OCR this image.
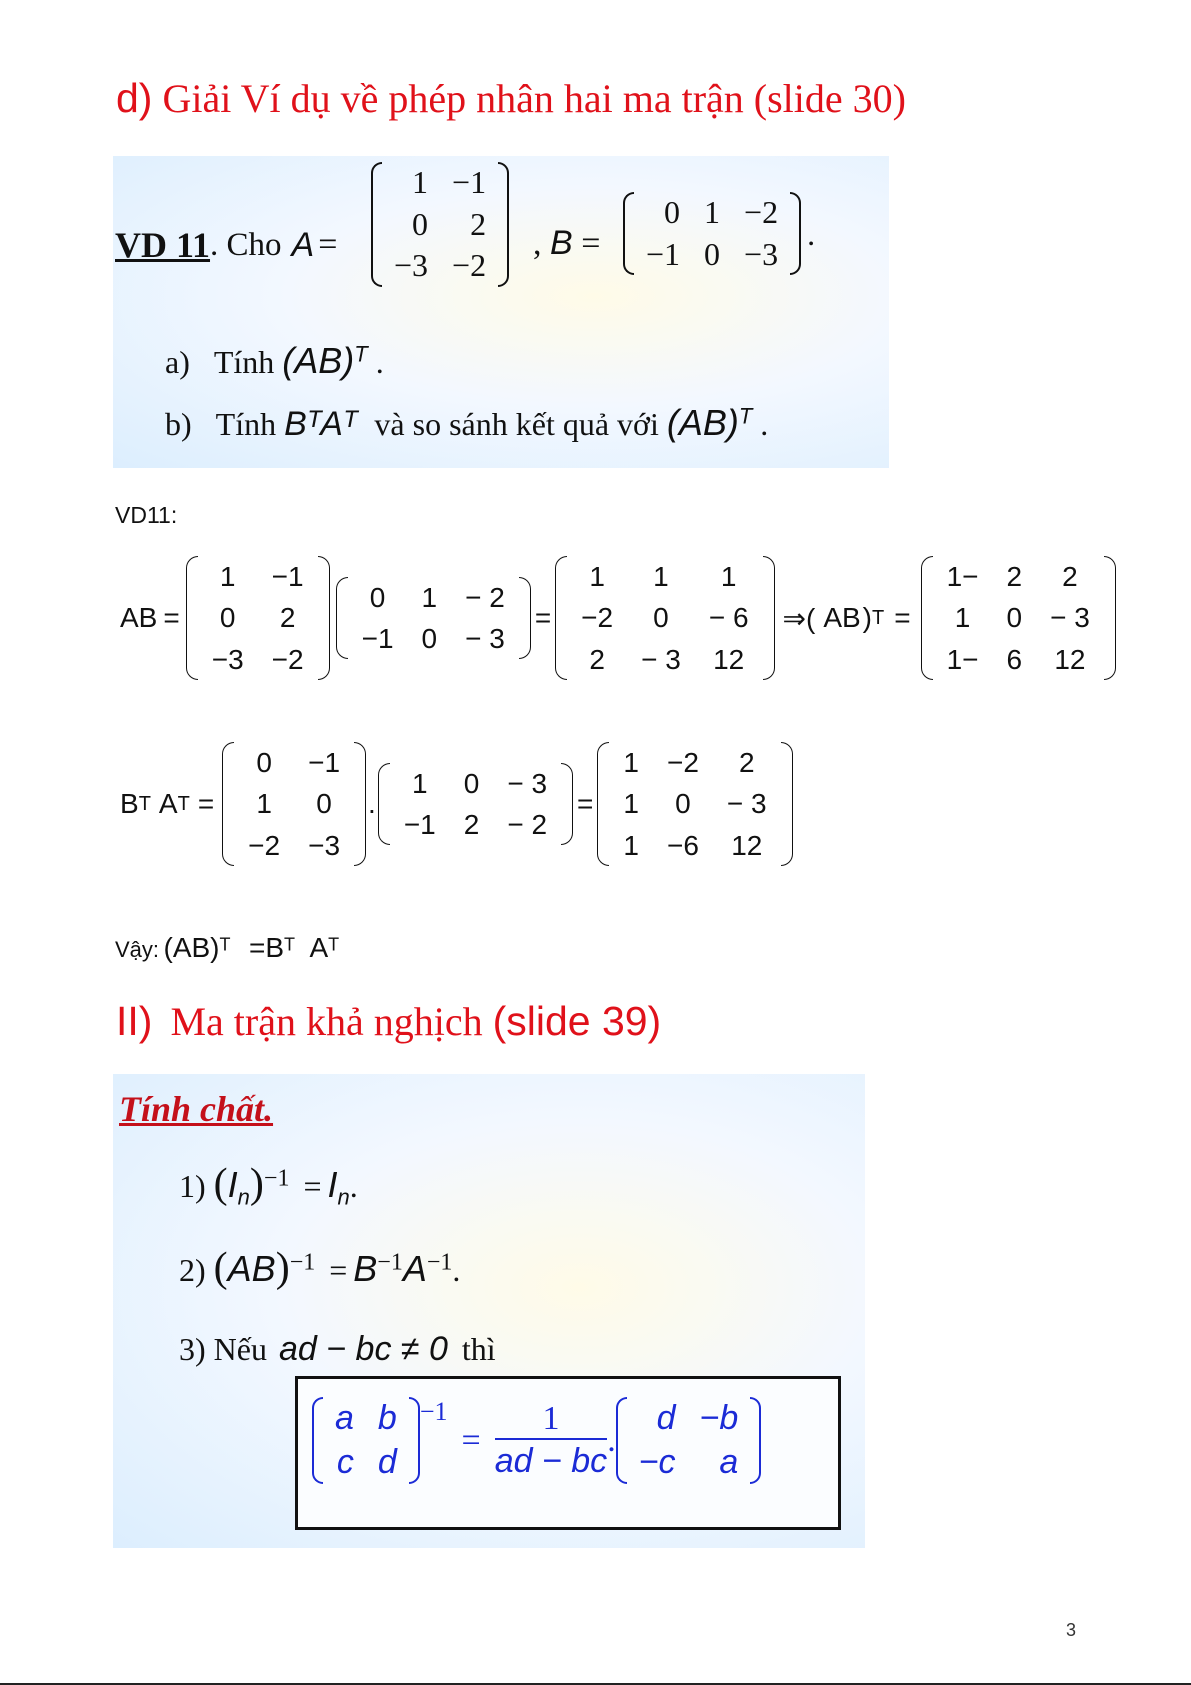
d) Giải Ví dụ về phép nhân hai ma trận (slide 30)
VD 11 . Cho A =
1	−1
0	2
−3	−2
, B =
0	1	−2
−1	0	−3
.
a) Tính (AB)$^T$ .
b) Tính BᵀAᵀ và so sánh kết quả với (AB)$^T$ .
VD11:
AB =
1	−1
0	2
−3	−2
0	1	− 2
−1	0	− 3
=
1	1	1
−2	0	− 6
2	− 3	12
⇒( AB ) T =
1−	2	2
1	0	− 3
1−	6	12
B T A T =
0	−1
1	0
−2	−3
.
1	0	− 3
−1	2	− 2
=
1	−2	2
1	0	− 3
1	−6	12
Vậy: $(AB)^T =B^T$ $A^T$
II) Ma trận khả nghịch (slide 39)
Tính chất.
1) $(I_n)^{-1} = I_n$.
2) $(AB)^{-1} = B^{-1}A^{-1}$.
3) Nếu ad − bc ≠ 0 thì
a	b
c	d
$^{-1}$
= $\frac{1}{ad - bc}$ .
d	−b
−c	a
3
